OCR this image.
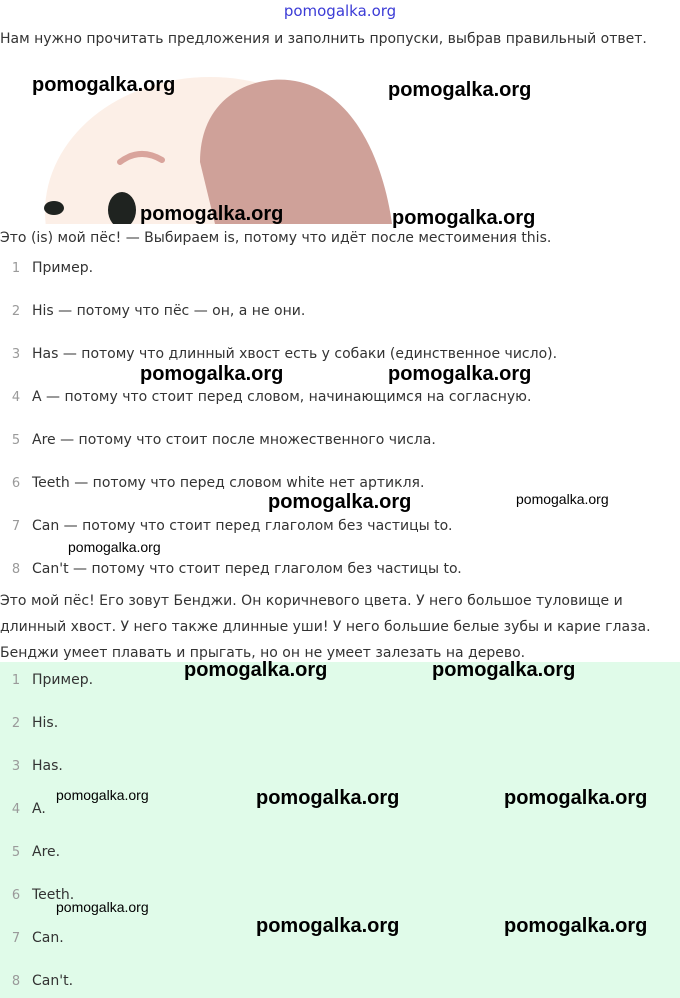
pomogalka.org
Нам нужно прочитать предложения и заполнить пропуски, выбрав правильный ответ.
Это (is) мой пёс! — Выбираем is, потому что идёт после местоимения this.
1 Пример.
2 His — потому что пёс — он, а не они.
3 Has — потому что длинный хвост есть у собаки (единственное число).
4 A — потому что стоит перед словом, начинающимся на согласную.
5 Are — потому что стоит после множественного числа.
6 Teeth — потому что перед словом white нет артикля.
7 Can — потому что стоит перед глаголом без частицы to.
8 Can't — потому что стоит перед глаголом без частицы to.
Это мой пёс! Его зовут Бенджи. Он коричневого цвета. У него большое туловище и длинный хвост. У него также длинные уши! У него большие белые зубы и карие глаза. Бенджи умеет плавать и прыгать, но он не умеет залезать на дерево.
1 Пример.
2 His.
3 Has.
4 A.
5 Are.
6 Teeth.
7 Can.
8 Can't.
pomogalka.org	pomogalka.org
pomogalka.org	pomogalka.org
pomogalka.org	pomogalka.org
pomogalka.org	pomogalka.org
pomogalka.org
pomogalka.org	pomogalka.org
pomogalka.org	pomogalka.org	pomogalka.org
pomogalka.org
pomogalka.org	pomogalka.org
